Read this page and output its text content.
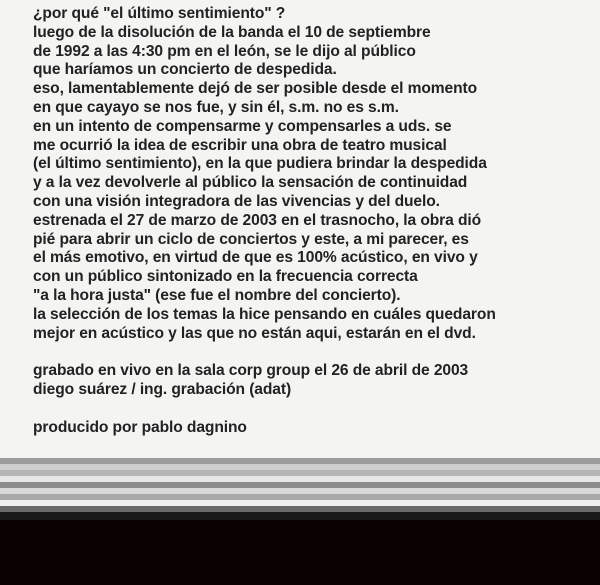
¿por qué "el último sentimiento" ?
luego de la disolución de la banda el 10 de septiembre
de 1992 a las 4:30 pm en el león, se le dijo al público
que haríamos un concierto de despedida.
eso, lamentablemente dejó de ser posible desde el momento
en que cayayo se nos fue, y sin él, s.m. no es s.m.
en un intento de compensarme y compensarles a uds. se
me ocurrió la idea de escribir una obra de teatro musical
(el último sentimiento), en la que pudiera brindar la despedida
y a la vez devolverle al público la sensación de continuidad
con una visión integradora de las vivencias y del duelo.
estrenada el 27 de marzo de 2003 en el trasnocho, la obra dió
pié para abrir un ciclo de conciertos y este, a mi parecer, es
el más emotivo, en virtud de que es 100% acústico, en vivo y
con un público sintonizado en la frecuencia correcta
"a la hora justa" (ese fue el nombre del concierto).
la selección de los temas la hice pensando en cuáles quedaron
mejor en acústico y las que no están aqui, estarán en el dvd.
grabado en vivo en la sala corp group el 26 de abril de 2003
diego suárez / ing. grabación (adat)
producido por pablo dagnino
